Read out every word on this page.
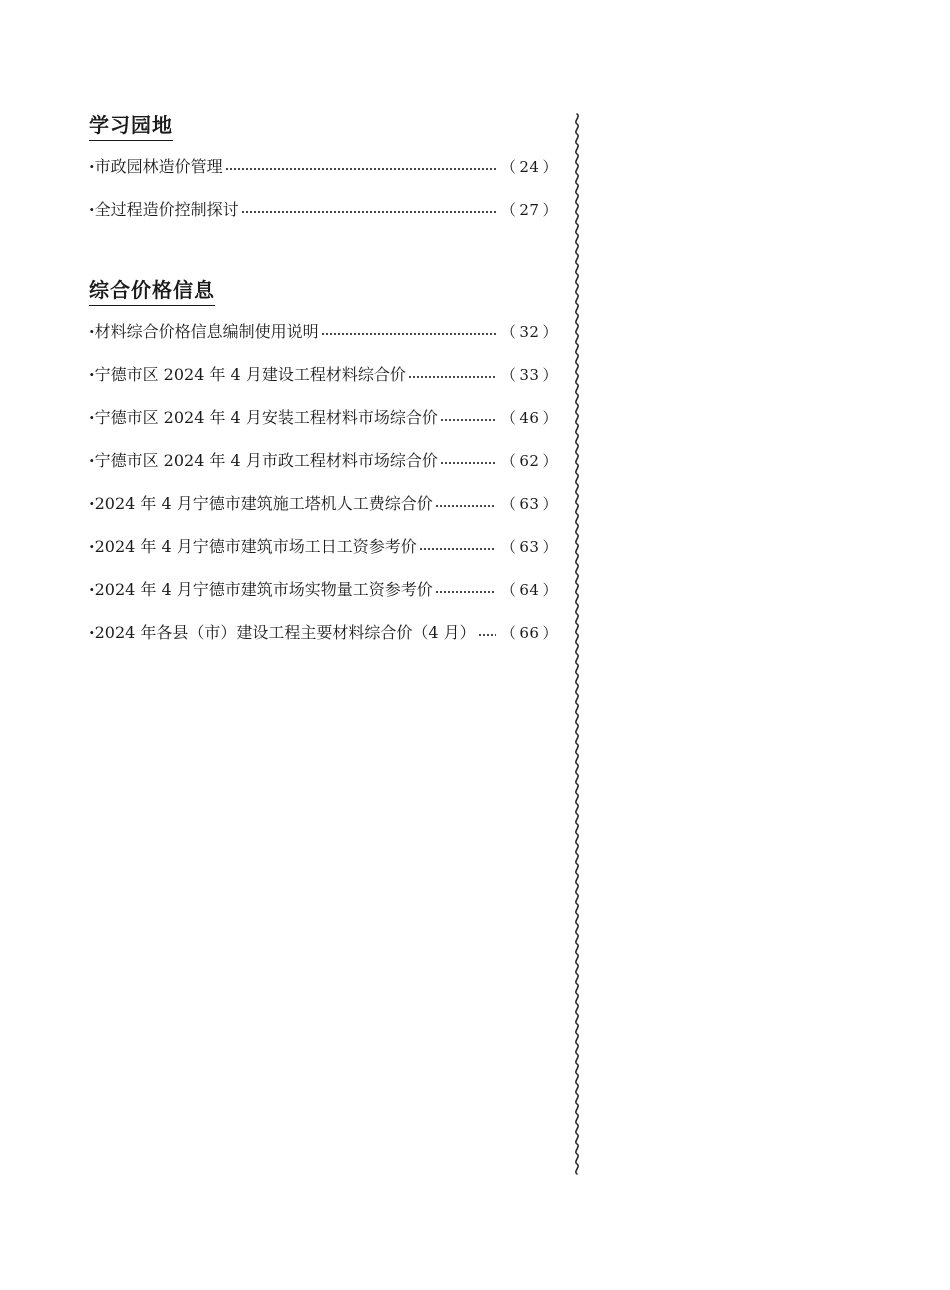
学习园地
· 市政园林造价管理	（ 24 ）
· 全过程造价控制探讨	（ 27 ）
综合价格信息
· 材料综合价格信息编制使用说明	（ 32 ）
· 宁德市区 2024 年 4 月建设工程材料综合价	（ 33 ）
· 宁德市区 2024 年 4 月安装工程材料市场综合价	（ 46 ）
· 宁德市区 2024 年 4 月市政工程材料市场综合价	（ 62 ）
· 2024 年 4 月宁德市建筑施工塔机人工费综合价	（ 63 ）
· 2024 年 4 月宁德市建筑市场工日工资参考价	（ 63 ）
· 2024 年 4 月宁德市建筑市场实物量工资参考价	（ 64 ）
· 2024 年各县（市）建设工程主要材料综合价（4 月） （ 66 ）
